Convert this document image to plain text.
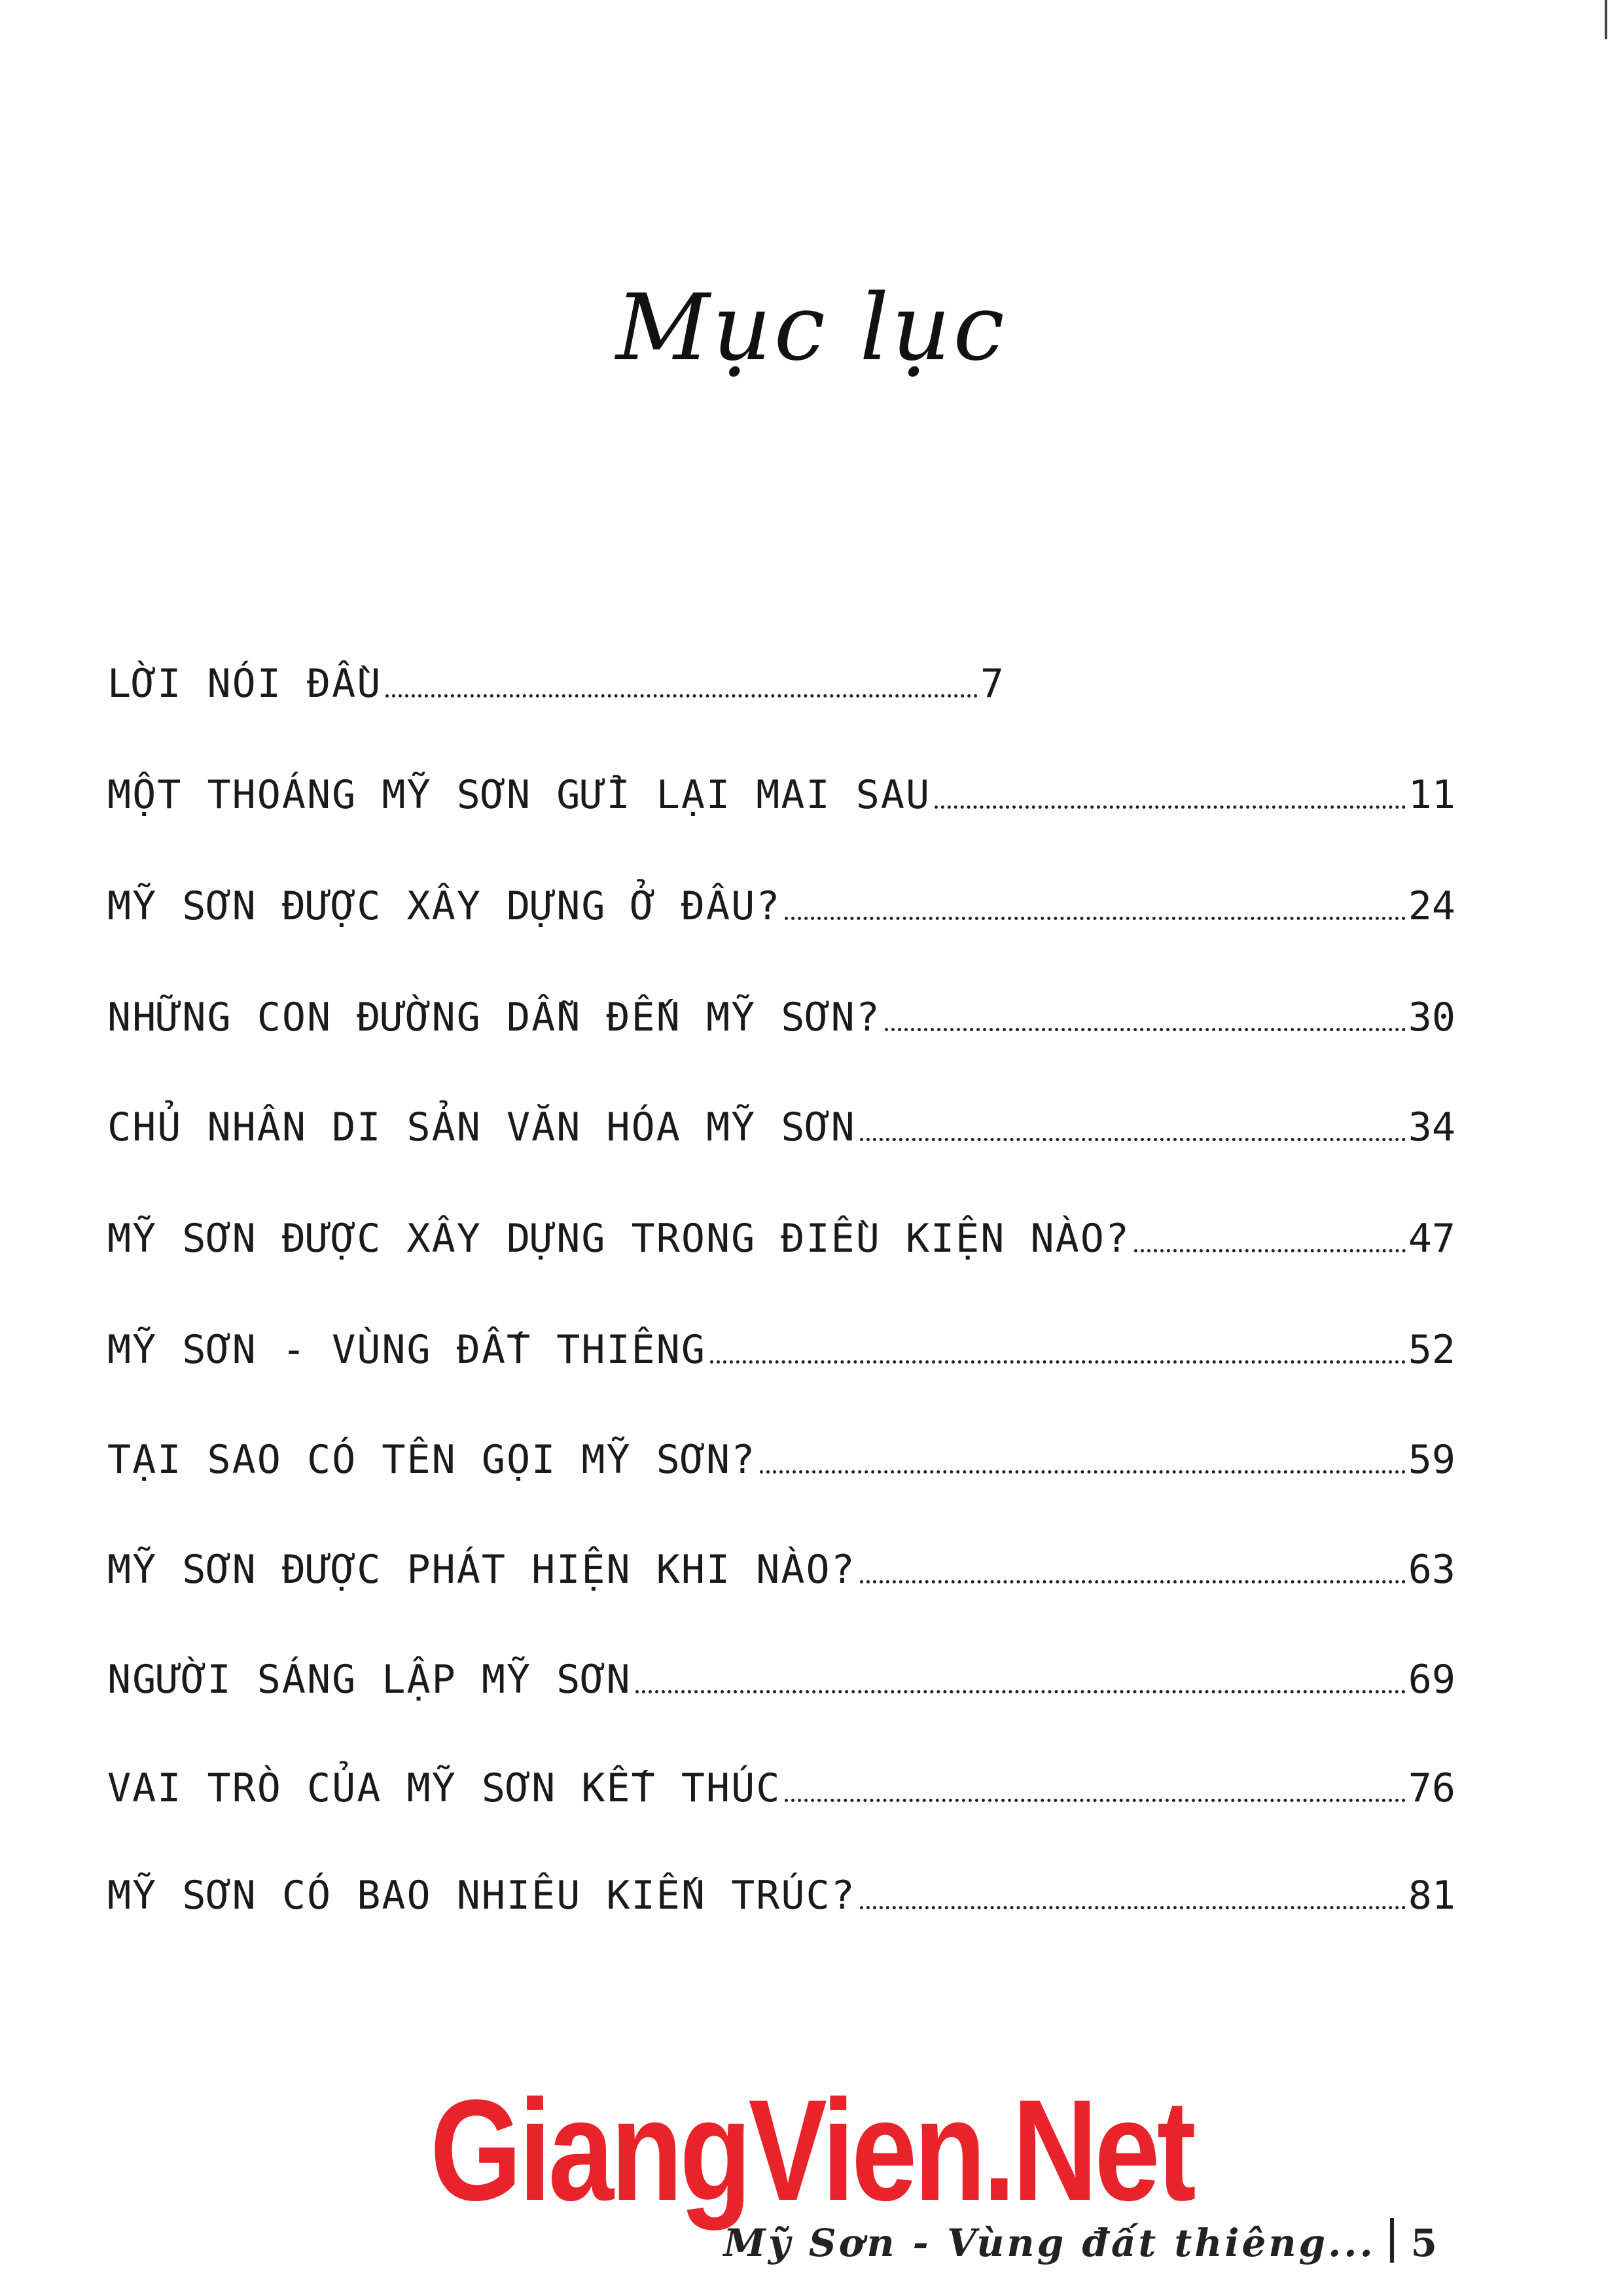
Mục lục
LỜI NÓI ĐẦU	7
MỘT THOÁNG MỸ SƠN GỬI LẠI MAI SAU	11
MỸ SƠN ĐƯỢC XÂY DỰNG Ở ĐÂU?	24
NHỮNG CON ĐƯỜNG DẪN ĐẾN MỸ SƠN?	30
CHỦ NHÂN DI SẢN VĂN HÓA MỸ SƠN	34
MỸ SƠN ĐƯỢC XÂY DỰNG TRONG ĐIỀU KIỆN NÀO?	47
MỸ SƠN - VÙNG ĐẤT THIÊNG	52
TẠI SAO CÓ TÊN GỌI MỸ SƠN?	59
MỸ SƠN ĐƯỢC PHÁT HIỆN KHI NÀO?	63
NGƯỜI SÁNG LẬP MỸ SƠN	69
VAI TRÒ CỦA MỸ SƠN KẾT THÚC	76
MỸ SƠN CÓ BAO NHIÊU KIẾN TRÚC?	81
GiangVien.Net
Mỹ Sơn - Vùng đất thiêng... 5
